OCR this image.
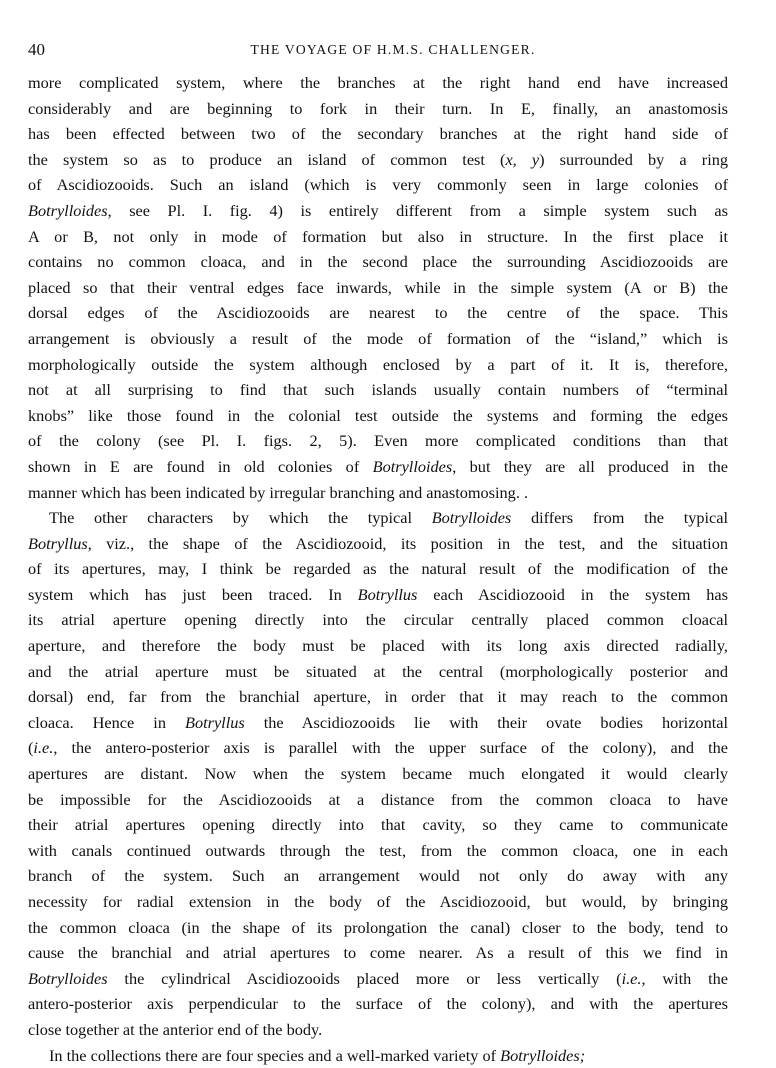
40	THE VOYAGE OF H.M.S. CHALLENGER.
more complicated system, where the branches at the right hand end have increased
considerably and are beginning to fork in their turn. In E, finally, an anastomosis
has been effected between two of the secondary branches at the right hand side of
the system so as to produce an island of common test (x, y) surrounded by a ring
of Ascidiozooids. Such an island (which is very commonly seen in large colonies of
Botrylloides, see Pl. I. fig. 4) is entirely different from a simple system such as
A or B, not only in mode of formation but also in structure. In the first place it
contains no common cloaca, and in the second place the surrounding Ascidiozooids are
placed so that their ventral edges face inwards, while in the simple system (A or B) the
dorsal edges of the Ascidiozooids are nearest to the centre of the space. This
arrangement is obviously a result of the mode of formation of the “island,” which is
morphologically outside the system although enclosed by a part of it. It is, therefore,
not at all surprising to find that such islands usually contain numbers of “terminal
knobs” like those found in the colonial test outside the systems and forming the edges
of the colony (see Pl. I. figs. 2, 5). Even more complicated conditions than that
shown in E are found in old colonies of Botrylloides, but they are all produced in the
manner which has been indicated by irregular branching and anastomosing. .
The other characters by which the typical Botrylloides differs from the typical
Botryllus, viz., the shape of the Ascidiozooid, its position in the test, and the situation
of its apertures, may, I think be regarded as the natural result of the modification of the
system which has just been traced. In Botryllus each Ascidiozooid in the system has
its atrial aperture opening directly into the circular centrally placed common cloacal
aperture, and therefore the body must be placed with its long axis directed radially,
and the atrial aperture must be situated at the central (morphologically posterior and
dorsal) end, far from the branchial aperture, in order that it may reach to the common
cloaca. Hence in Botryllus the Ascidiozooids lie with their ovate bodies horizontal
(i.e., the antero-posterior axis is parallel with the upper surface of the colony), and the
apertures are distant. Now when the system became much elongated it would clearly
be impossible for the Ascidiozooids at a distance from the common cloaca to have
their atrial apertures opening directly into that cavity, so they came to communicate
with canals continued outwards through the test, from the common cloaca, one in each
branch of the system. Such an arrangement would not only do away with any
necessity for radial extension in the body of the Ascidiozooid, but would, by bringing
the common cloaca (in the shape of its prolongation the canal) closer to the body, tend to
cause the branchial and atrial apertures to come nearer. As a result of this we find in
Botrylloides the cylindrical Ascidiozooids placed more or less vertically (i.e., with the
antero-posterior axis perpendicular to the surface of the colony), and with the apertures
close together at the anterior end of the body.
In the collections there are four species and a well-marked variety of Botrylloides;
